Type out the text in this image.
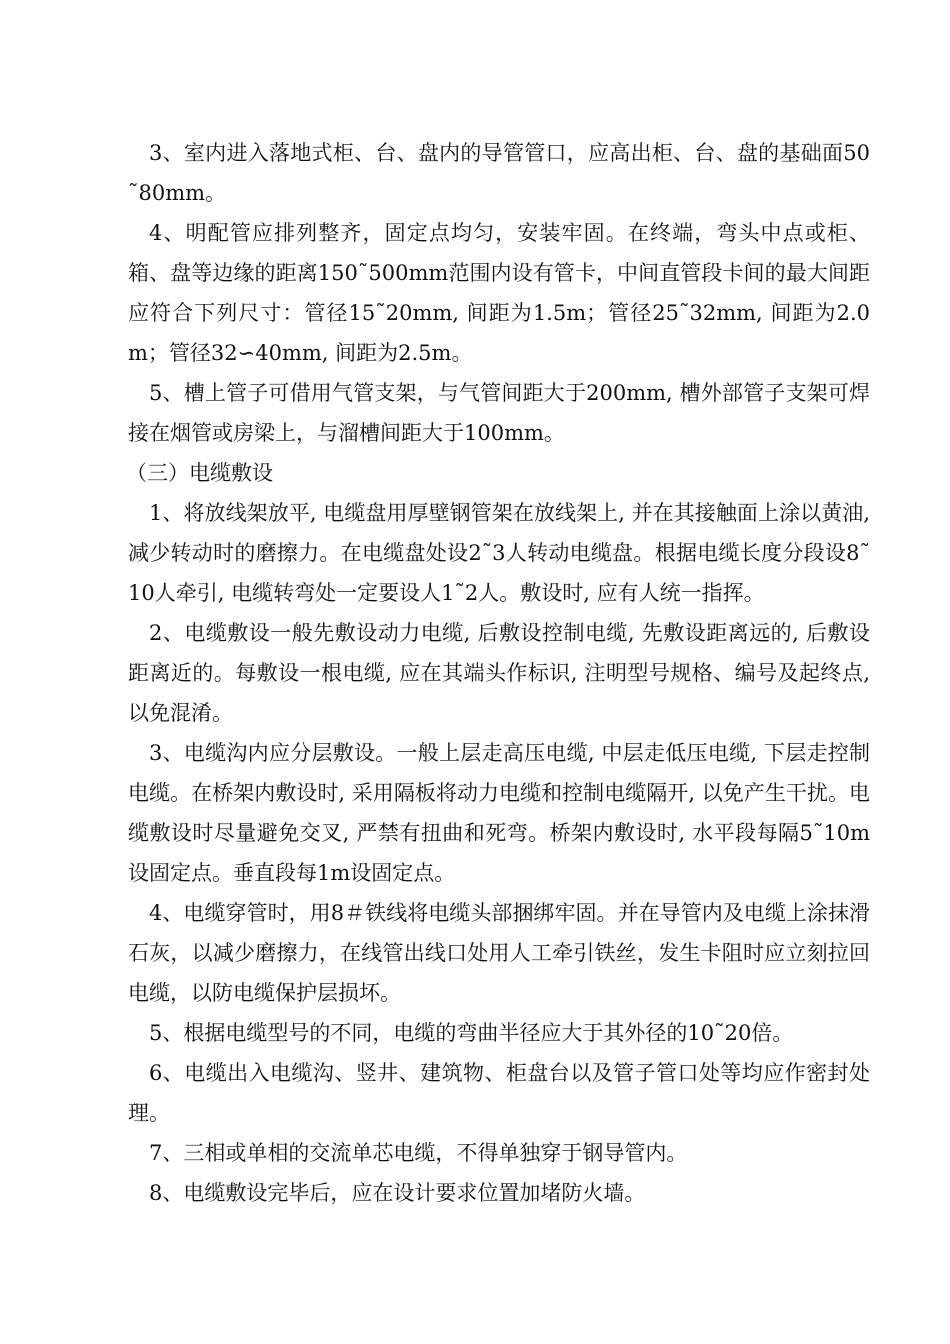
3、室内进入落地式柜、台、盘内的导管管口，应高出柜、台、盘的基础面50˜80mm。

4、明配管应排列整齐，固定点均匀，安装牢固。在终端，弯头中点或柜、箱、盘等边缘的距离150˜500mm范围内设有管卡，中间直管段卡间的最大间距应符合下列尺寸：管径15˜20mm, 间距为1.5m；管径25˜32mm, 间距为2.0m；管径32∽40mm, 间距为2.5m。

5、槽上管子可借用气管支架，与气管间距大于200mm, 槽外部管子支架可焊接在烟管或房梁上，与溜槽间距大于100mm。

（三）电缆敷设

1、将放线架放平, 电缆盘用厚壁钢管架在放线架上, 并在其接触面上涂以黄油, 减少转动时的磨擦力。在电缆盘处设2˜3人转动电缆盘。根据电缆长度分段设8˜10人牵引, 电缆转弯处一定要设人1˜2人。敷设时, 应有人统一指挥。

2、电缆敷设一般先敷设动力电缆, 后敷设控制电缆, 先敷设距离远的, 后敷设距离近的。每敷设一根电缆, 应在其端头作标识, 注明型号规格、编号及起终点, 以免混淆。

3、电缆沟内应分层敷设。一般上层走高压电缆, 中层走低压电缆, 下层走控制电缆。在桥架内敷设时, 采用隔板将动力电缆和控制电缆隔开, 以免产生干扰。电缆敷设时尽量避免交叉, 严禁有扭曲和死弯。桥架内敷设时, 水平段每隔5˜10m设固定点。垂直段每1m设固定点。

4、电缆穿管时，用8＃铁线将电缆头部捆绑牢固。并在导管内及电缆上涂抹滑石灰，以减少磨擦力，在线管出线口处用人工牵引铁丝，发生卡阻时应立刻拉回电缆，以防电缆保护层损坏。

5、根据电缆型号的不同，电缆的弯曲半径应大于其外径的10˜20倍。

6、电缆出入电缆沟、竖井、建筑物、柜盘台以及管子管口处等均应作密封处理。

7、三相或单相的交流单芯电缆，不得单独穿于钢导管内。

8、电缆敷设完毕后，应在设计要求位置加堵防火墙。
